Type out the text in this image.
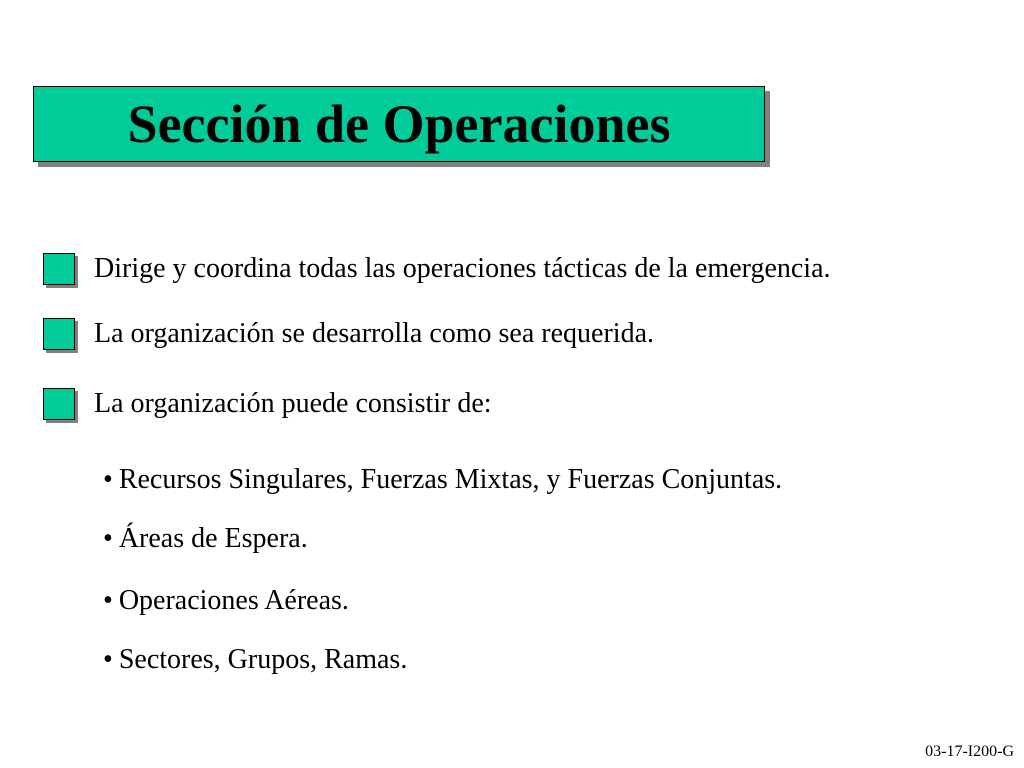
Sección de Operaciones
Dirige y coordina todas las operaciones tácticas de la emergencia.
La organización se desarrolla como sea requerida.
La organización puede consistir de:
• Recursos Singulares, Fuerzas Mixtas, y Fuerzas Conjuntas.
• Áreas de Espera.
• Operaciones Aéreas.
• Sectores, Grupos, Ramas.
03-17-I200-G
